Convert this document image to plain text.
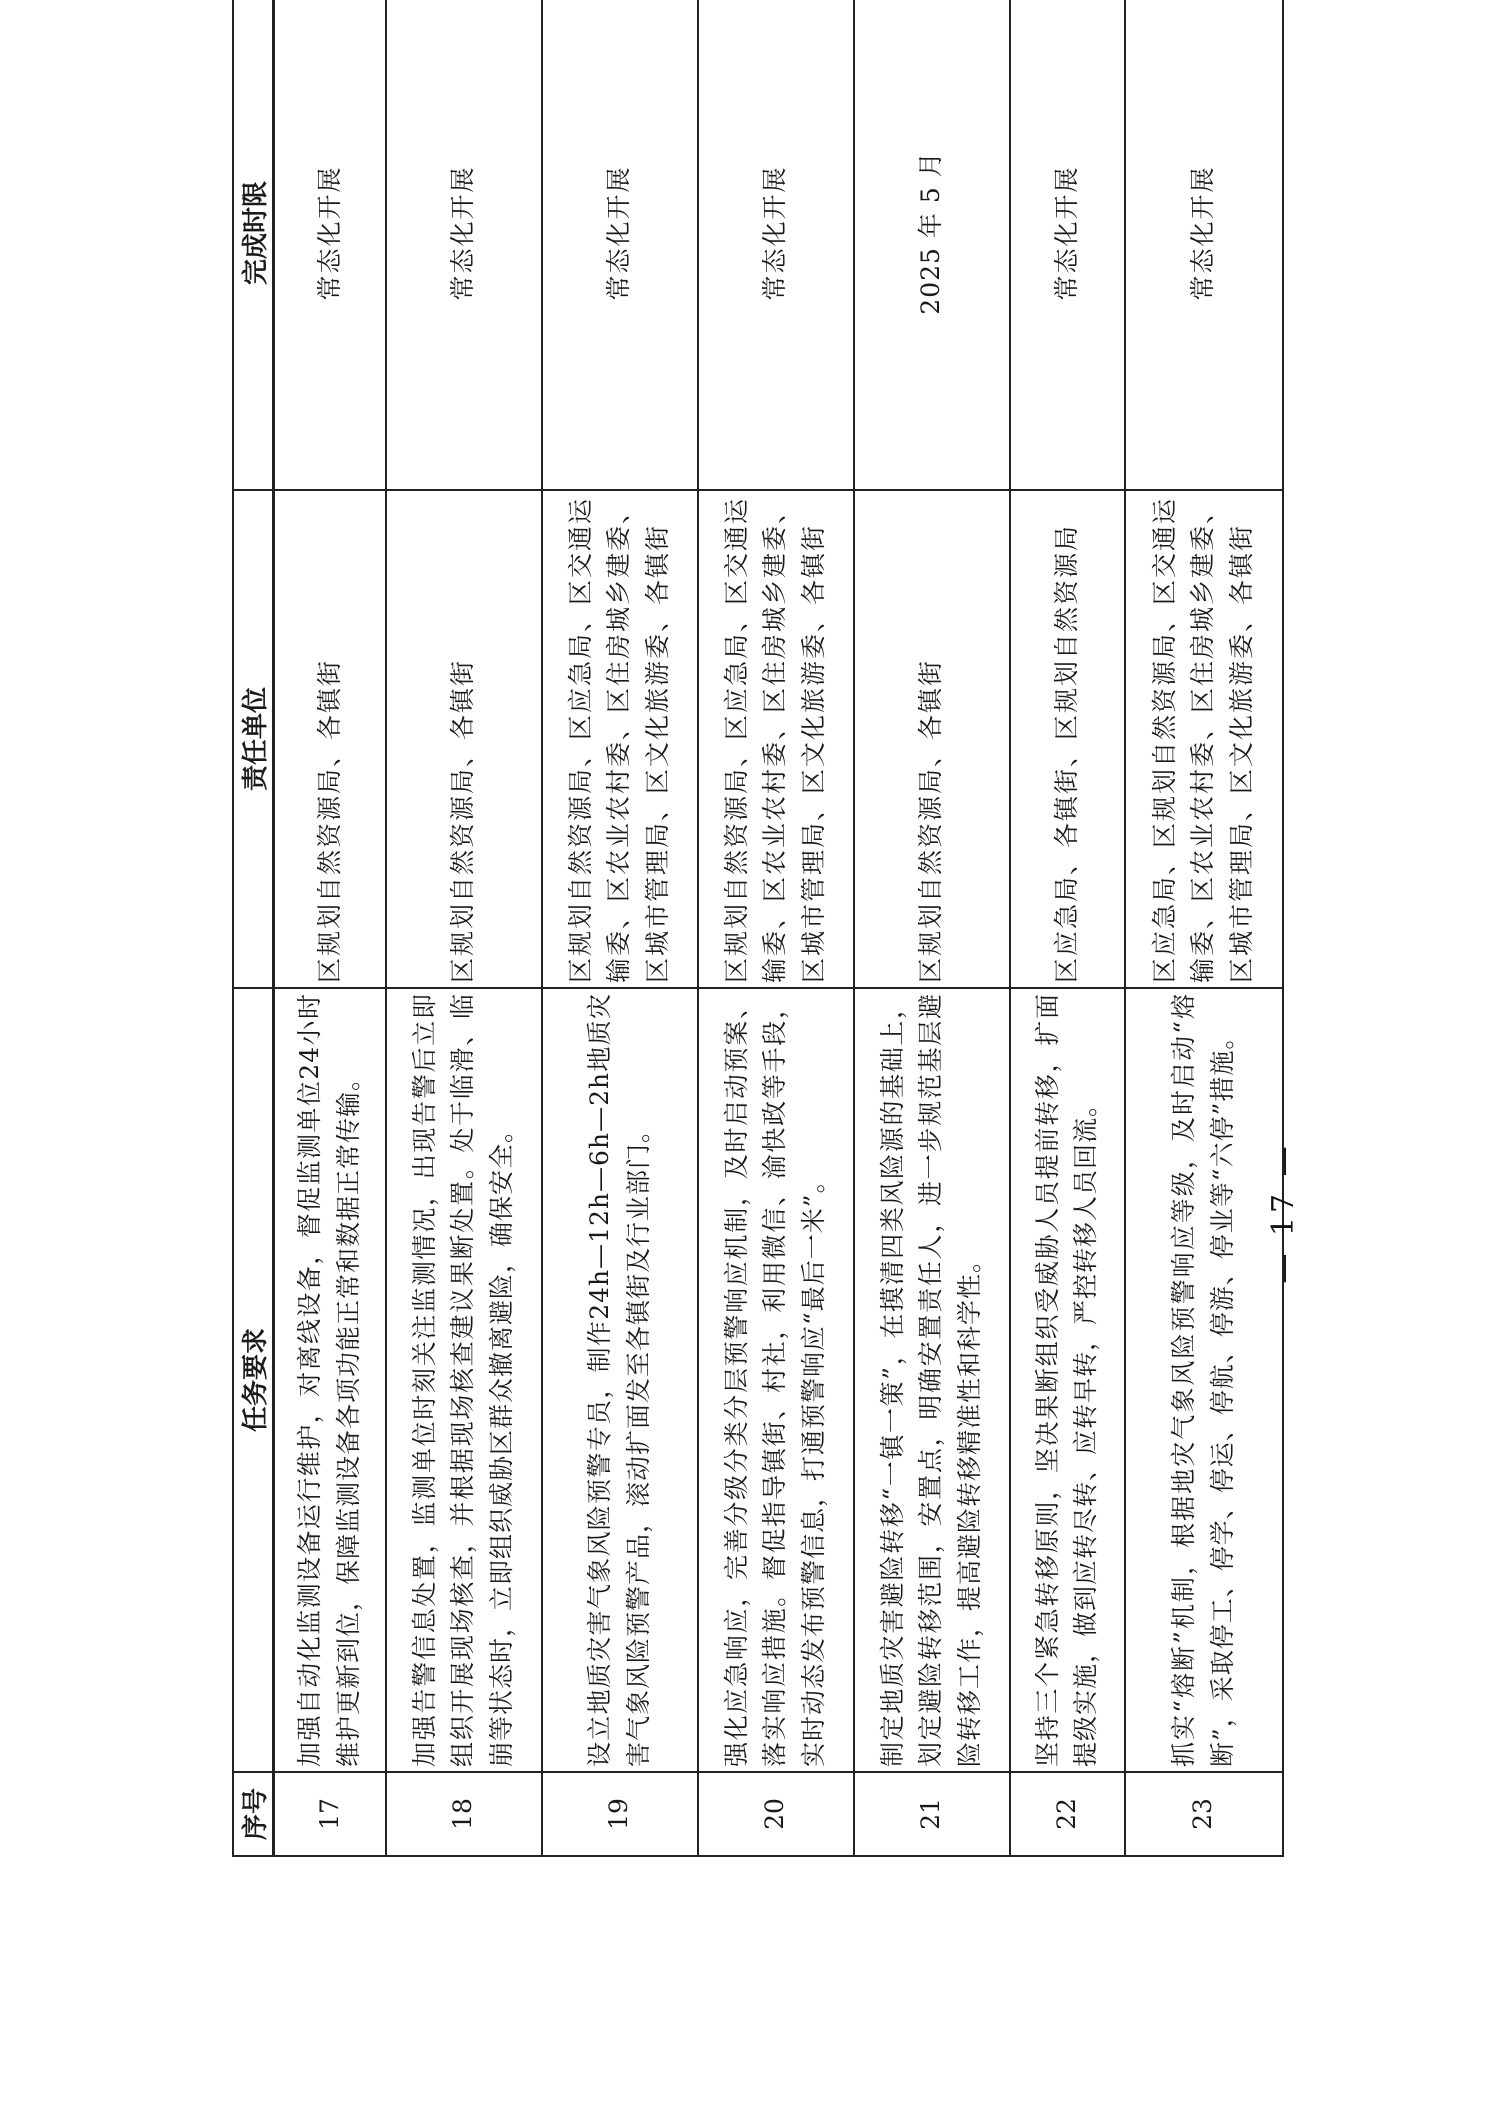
序号	任务要求	责任单位	完成时限
17	加强自动化监测设备运行维护，对离线设备，督促监测单位24小时维护更新到位，保障监测设备各项功能正常和数据正常传输。	区规划自然资源局、各镇街	常态化开展
18	加强告警信息处置，监测单位时刻关注监测情况，出现告警后立即组织开展现场核查，并根据现场核查建议果断处置。处于临滑、临崩等状态时，立即组织威胁区群众撤离避险，确保安全。	区规划自然资源局、各镇街	常态化开展
19	设立地质灾害气象风险预警专员，制作24h—12h—6h—2h地质灾害气象风险预警产品，滚动扩面发至各镇街及行业部门。	区规划自然资源局、区应急局、区交通运输委、区农业农村委、区住房城乡建委、区城市管理局、区文化旅游委、各镇街	常态化开展
20	强化应急响应，完善分级分类分层预警响应机制，及时启动预案、落实响应措施。督促指导镇街、村社，利用微信、渝快政等手段，实时动态发布预警信息，打通预警响应“最后一米”。	区规划自然资源局、区应急局、区交通运输委、区农业农村委、区住房城乡建委、区城市管理局、区文化旅游委、各镇街	常态化开展
21	制定地质灾害避险转移“一镇一策”，在摸清四类风险源的基础上，划定避险转移范围，安置点，明确安置责任人，进一步规范基层避险转移工作，提高避险转移精准性和科学性。	区规划自然资源局、各镇街	2025 年 5 月
22	坚持三个紧急转移原则，坚决果断组织受威胁人员提前转移，扩面提级实施，做到应转尽转、应转早转，严控转移人员回流。	区应急局、各镇街、区规划自然资源局	常态化开展
23	抓实“熔断”机制，根据地灾气象风险预警响应等级，及时启动“熔断”，采取停工、停学、停运、停航、停游、停业等“六停”措施。	区应急局、区规划自然资源局、区交通运输委、区农业农村委、区住房城乡建委、区城市管理局、区文化旅游委、各镇街	常态化开展
— 17 —
